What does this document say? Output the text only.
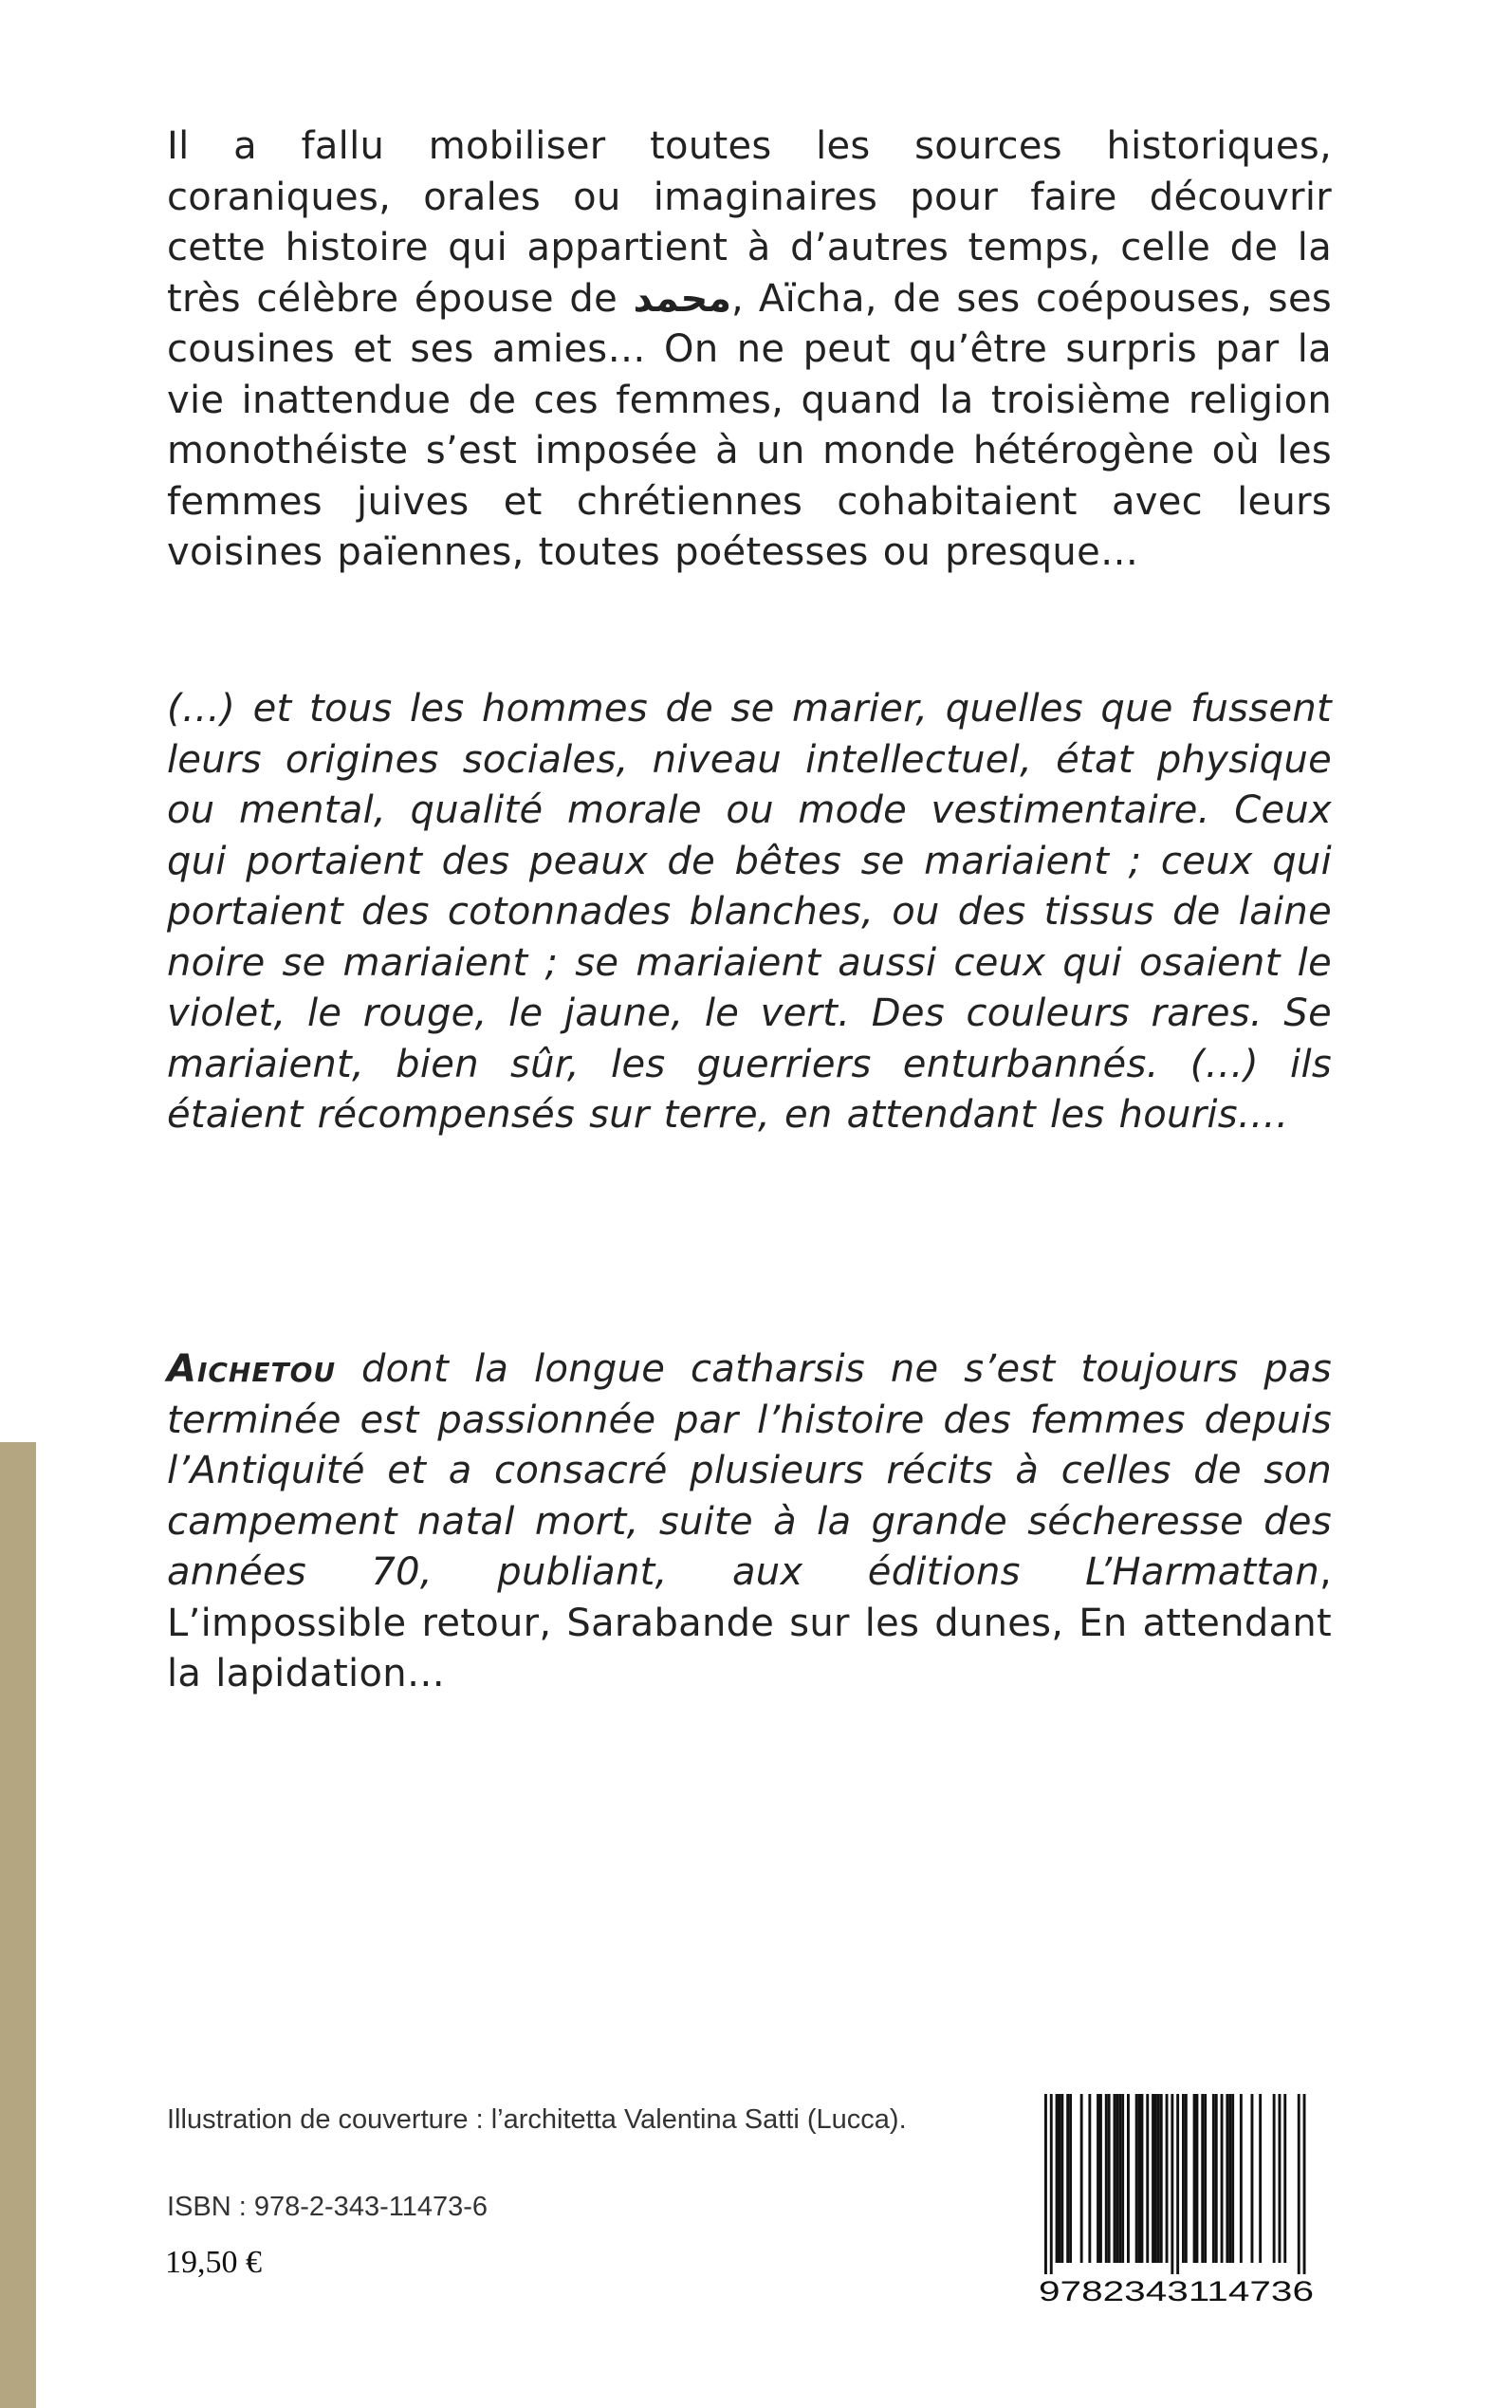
Il a fallu mobiliser toutes les sources historiques, coraniques, orales ou imaginaires pour faire découvrir cette histoire qui appartient à d’autres temps, celle de la très célèbre épouse de محمد, Aïcha, de ses coépouses, ses cousines et ses amies… On ne peut qu’être surpris par la vie inattendue de ces femmes, quand la troisième religion monothéiste s’est imposée à un monde hétérogène où les femmes juives et chrétiennes cohabitaient avec leurs voisines païennes, toutes poétesses ou presque…

(…) et tous les hommes de se marier, quelles que fussent leurs origines sociales, niveau intellectuel, état physique ou mental, qualité morale ou mode vestimentaire. Ceux qui portaient des peaux de bêtes se mariaient ; ceux qui portaient des cotonnades blanches, ou des tissus de laine noire se mariaient ; se mariaient aussi ceux qui osaient le violet, le rouge, le jaune, le vert. Des couleurs rares. Se mariaient, bien sûr, les guerriers enturbannés. (…) ils étaient récompensés sur terre, en attendant les houris….

Aichetou dont la longue catharsis ne s’est toujours pas terminée est passionnée par l’histoire des femmes depuis l’Antiquité et a consacré plusieurs récits à celles de son campement natal mort, suite à la grande sécheresse des années 70, publiant, aux éditions L’Harmattan, L’impossible retour, Sarabande sur les dunes, En attendant la lapidation…

Illustration de couverture : l’architetta Valentina Satti (Lucca).

ISBN : 978-2-343-11473-6

19,50 €

9782343114736
